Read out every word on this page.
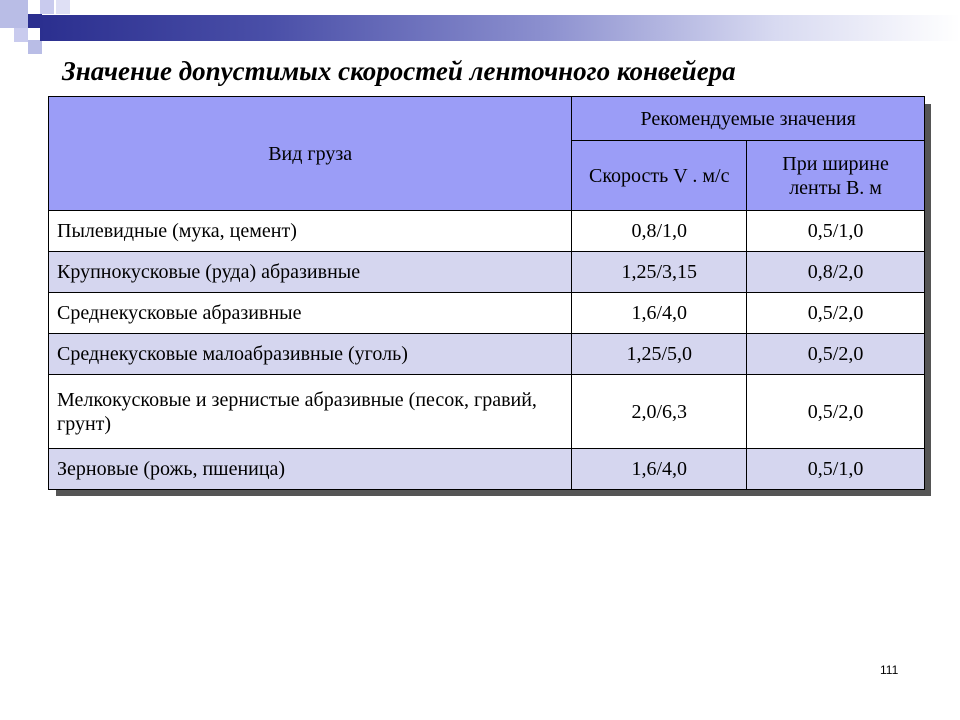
Значение допустимых скоростей ленточного конвейера
Вид груза	Рекомендуемые значения	
	Скорость V . м/с	При ширине ленты B. м
Пылевидные (мука, цемент)	0,8/1,0	0,5/1,0
Крупнокусковые (руда) абразивные	1,25/3,15	0,8/2,0
Среднекусковые абразивные	1,6/4,0	0,5/2,0
Среднекусковые малоабразивные (уголь)	1,25/5,0	0,5/2,0
Мелкокусковые и зернистые абразивные (песок, гравий, грунт)	2,0/6,3	0,5/2,0
Зерновые (рожь, пшеница)	1,6/4,0	0,5/1,0
111
